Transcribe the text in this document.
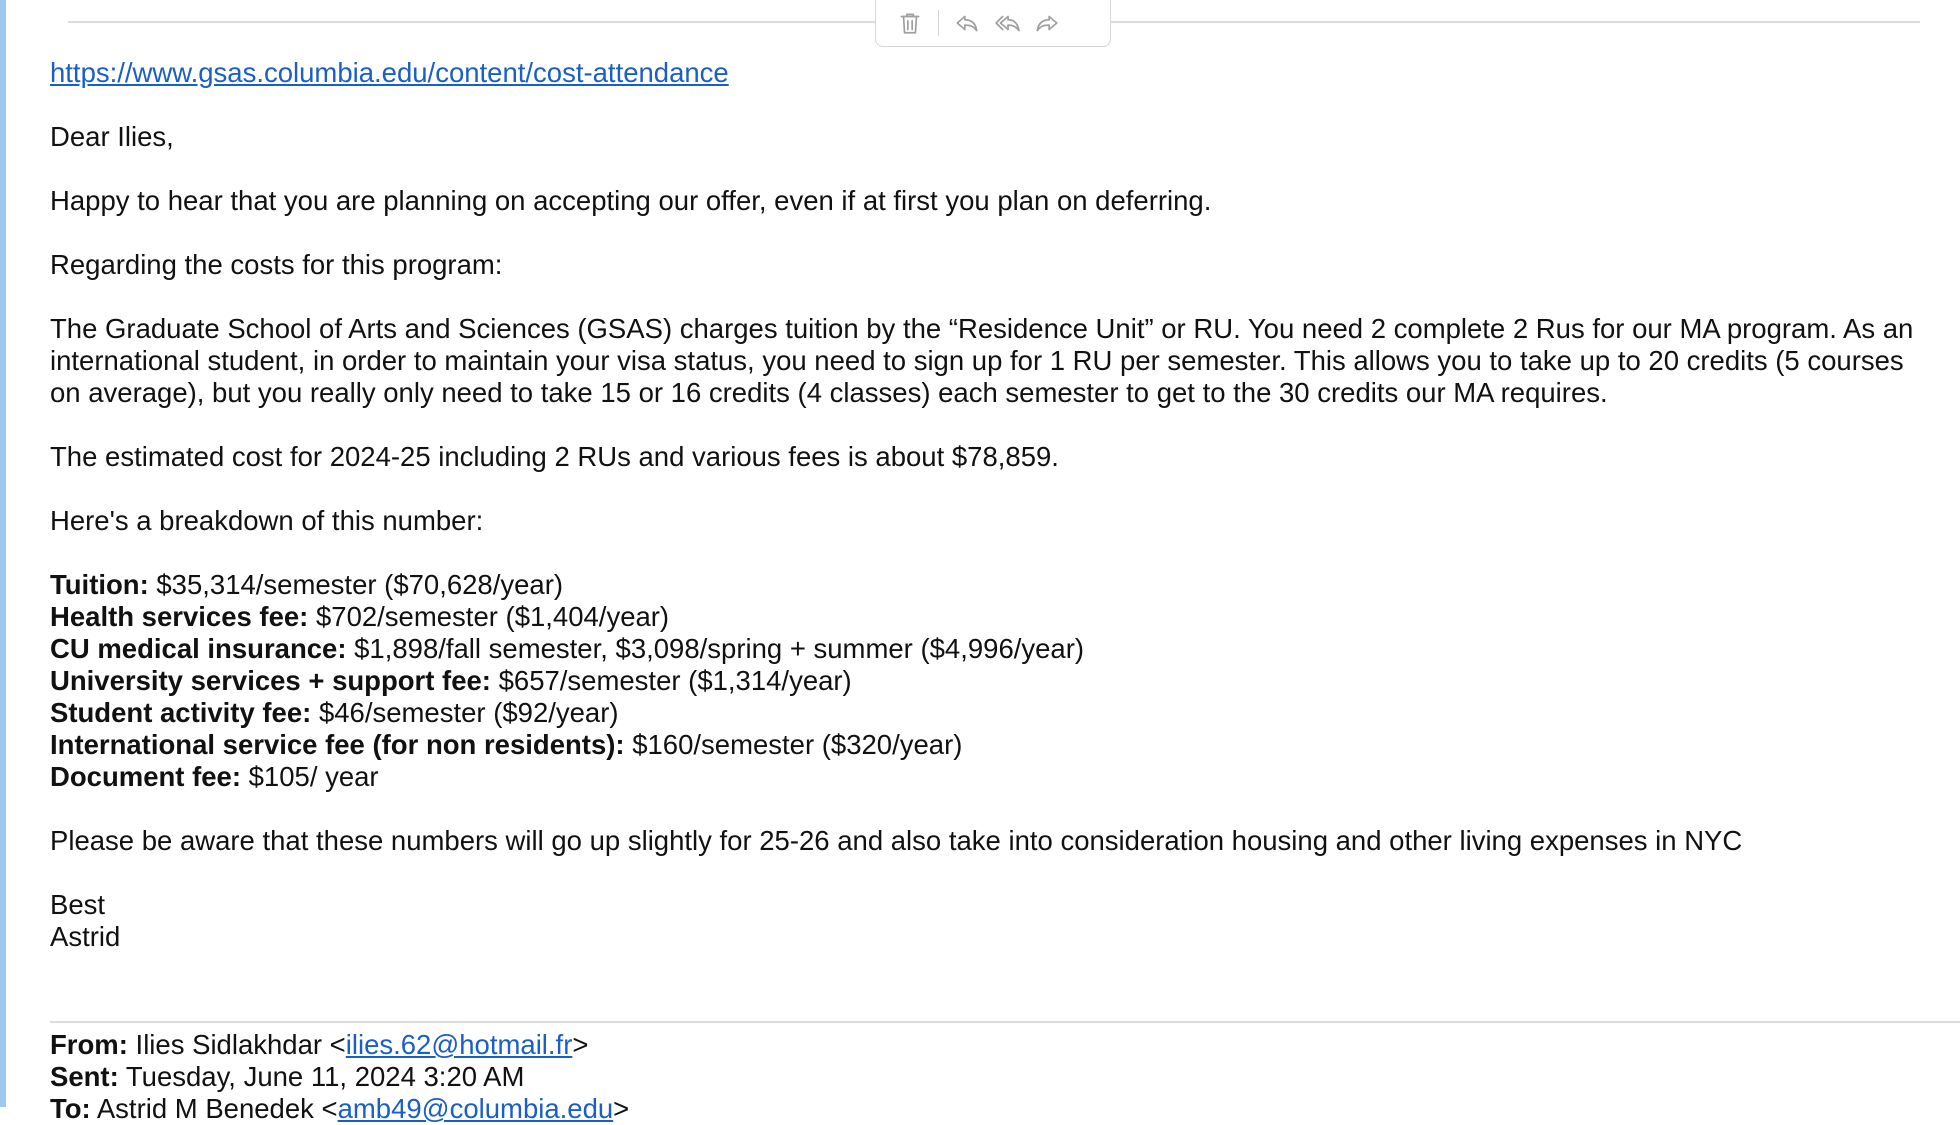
https://www.gsas.columbia.edu/content/cost-attendance

Dear Ilies,

Happy to hear that you are planning on accepting our offer, even if at first you plan on deferring.

Regarding the costs for this program:

The Graduate School of Arts and Sciences (GSAS) charges tuition by the “Residence Unit” or RU. You need 2 complete 2 Rus for our MA program. As an international student, in order to maintain your visa status, you need to sign up for 1 RU per semester. This allows you to take up to 20 credits (5 courses on average), but you really only need to take 15 or 16 credits (4 classes) each semester to get to the 30 credits our MA requires.

The estimated cost for 2024-25 including 2 RUs and various fees is about $78,859.

Here's a breakdown of this number:

Tuition: $35,314/semester ($70,628/year)
Health services fee: $702/semester ($1,404/year)
CU medical insurance: $1,898/fall semester, $3,098/spring + summer ($4,996/year)
University services + support fee: $657/semester ($1,314/year)
Student activity fee: $46/semester ($92/year)
International service fee (for non residents): $160/semester ($320/year)
Document fee: $105/ year

Please be aware that these numbers will go up slightly for 25-26 and also take into consideration housing and other living expenses in NYC

Best

Astrid

From: Ilies Sidlakhdar <ilies.62@hotmail.fr>
Sent: Tuesday, June 11, 2024 3:20 AM
To: Astrid M Benedek <amb49@columbia.edu>
